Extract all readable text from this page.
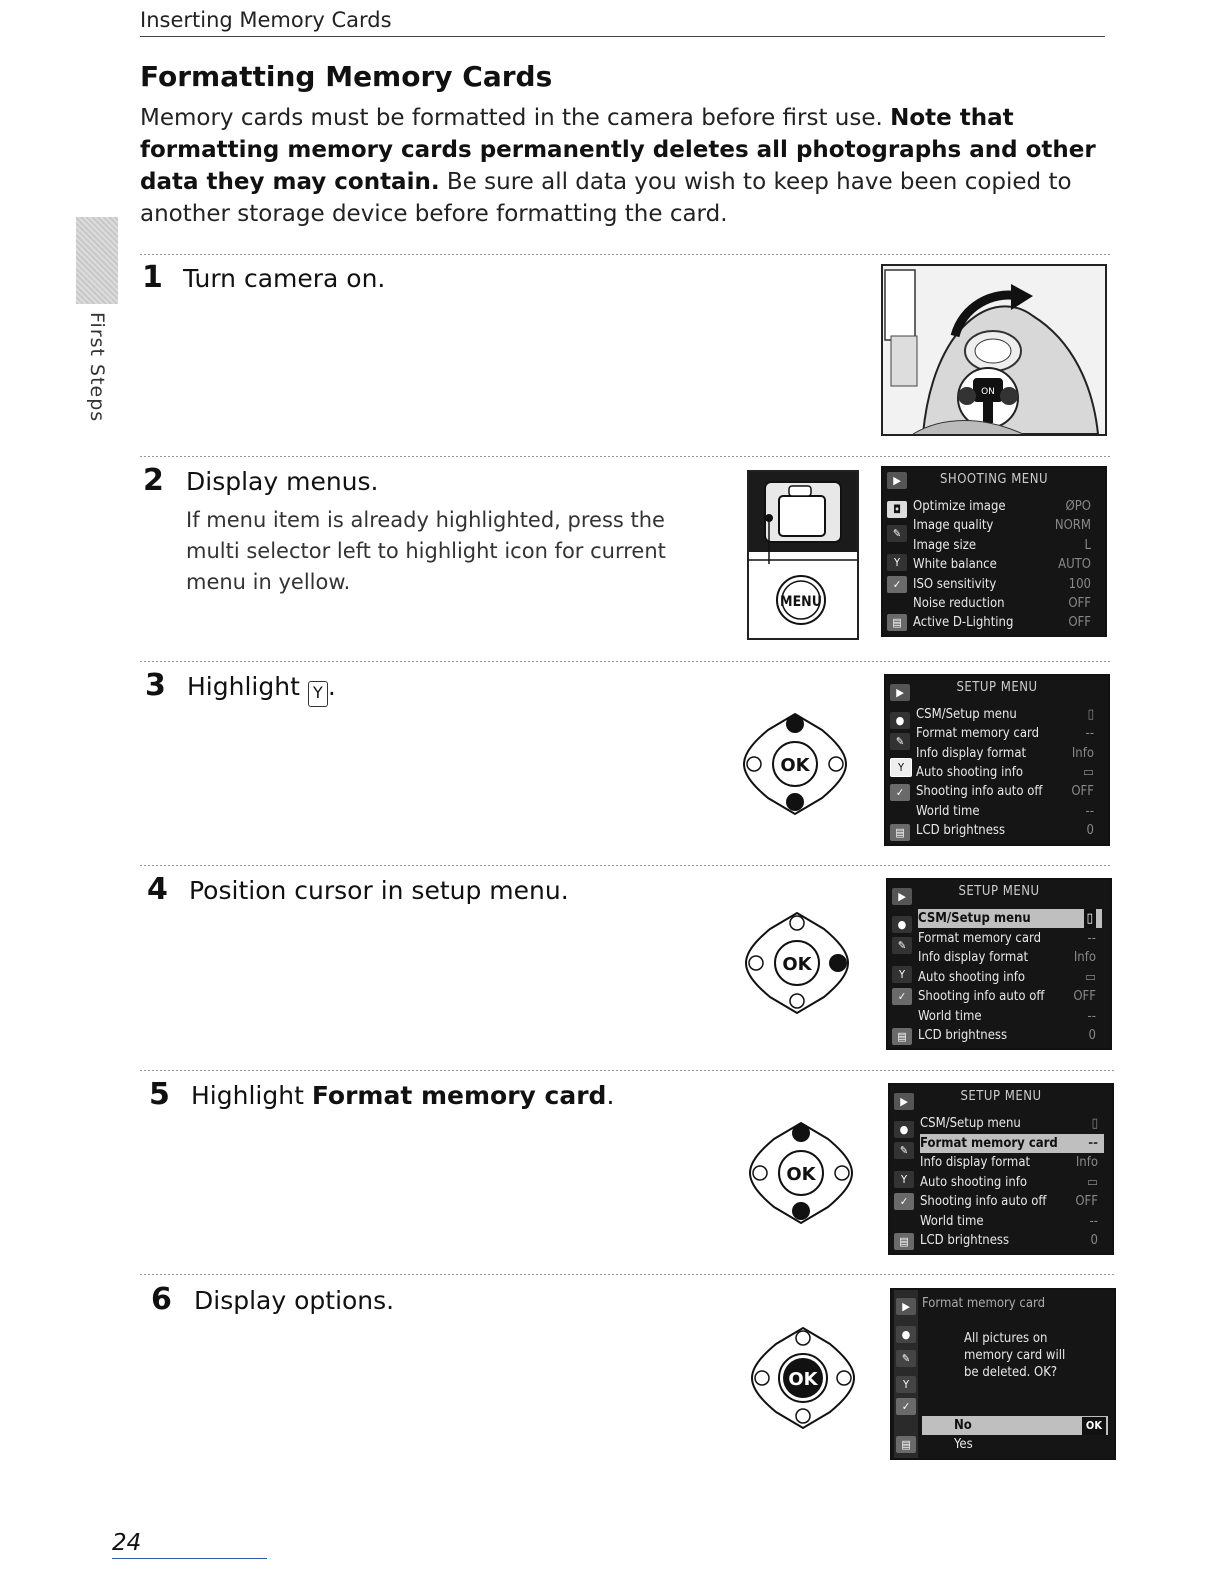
Inserting Memory Cards
Formatting Memory Cards
Memory cards must be formatted in the camera before first use. Note that formatting memory cards permanently deletes all photographs and other data they may contain. Be sure all data you wish to keep have been copied to another storage device before formatting the card.
First Steps
1 Turn camera on.
ON
2 Display menus.
If menu item is already highlighted, press the multi selector left to highlight icon for current menu in yellow.
MENU
SHOOTING MENU
▶
◘
✎
Y
✓
▤
Optimize image	ØPO
Image quality	NORM
Image size	L
White balance	AUTO
ISO sensitivity	100
Noise reduction	OFF
Active D-Lighting	OFF
3 Highlight Y .
OK
SETUP MENU
▶
●
✎
Y
✓
▤
CSM/Setup menu	▯
Format memory card	--
Info display format	Info
Auto shooting info	▭
Shooting info auto off OFF
World time	--
LCD brightness	0
4 Position cursor in setup menu.
OK
SETUP MENU
▶
●
✎
Y
✓
▤
CSM/Setup menu	▯
Format memory card	--
Info display format	Info
Auto shooting info	▭
Shooting info auto off OFF
World time	--
LCD brightness	0
5 Highlight Format memory card.
OK
SETUP MENU
▶
●
✎
Y
✓
▤
CSM/Setup menu	▯
Format memory card --
Info display format	Info
Auto shooting info	▭
Shooting info auto off OFF
World time	--
LCD brightness	0
6 Display options.
OK
▶
●
✎
Y
✓
▤
Format memory card
All pictures on memory card will be deleted. OK?
No	OK
Yes
24
